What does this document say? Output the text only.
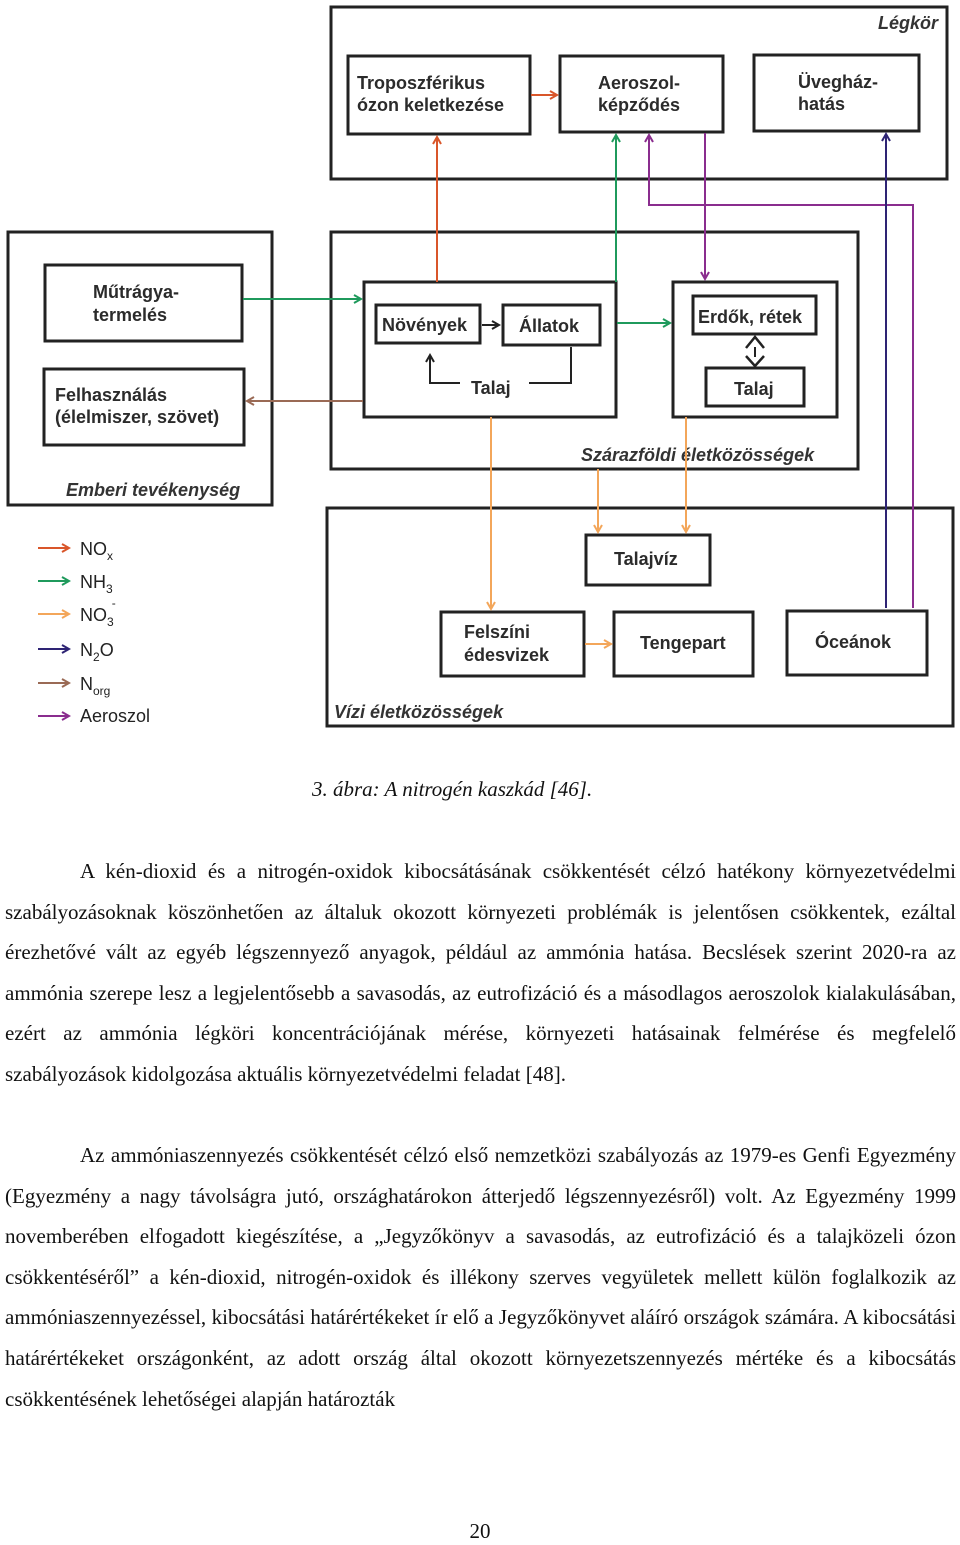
Légkör
Troposzférikus
ózon keletkezése
Aeroszol-
képződés
Üvegház-
hatás
Műtrágya-
termelés
Felhasználás
(élelmiszer, szövet)
Emberi tevékenység
Növények	Állatok
Talaj
Erdők, rétek
Talaj
Szárazföldi életközösségek
Talajvíz
Felszíni
édesvizek
Tengepart	Óceánok
Vízi életközösségek
$NO_x$
$NH_3$
$NO_3-$
$N_2O$
$N_{org}$
Aeroszol
3. ábra: A nitrogén kaszkád [46].

A kén-dioxid és a nitrogén-oxidok kibocsátásának csökkentését célzó hatékony környezetvédelmi szabályozásoknak köszönhetően az általuk okozott környezeti problémák is jelentősen csökkentek, ezáltal érezhetővé vált az egyéb légszennyező anyagok, például az ammónia hatása. Becslések szerint 2020-ra az ammónia szerepe lesz a legjelentősebb a savasodás, az eutrofizáció és a másodlagos aeroszolok kialakulásában, ezért az ammónia légköri koncentrációjának mérése, környezeti hatásainak felmérése és megfelelő szabályozások kidolgozása aktuális környezetvédelmi feladat [48].

Az ammóniaszennyezés csökkentését célzó első nemzetközi szabályozás az 1979-es Genfi Egyezmény (Egyezmény a nagy távolságra jutó, országhatárokon átterjedő légszennyezésről) volt. Az Egyezmény 1999 novemberében elfogadott kiegészítése, a „Jegyzőkönyv a savasodás, az eutrofizáció és a talajközeli ózon csökkentéséről” a kén-dioxid, nitrogén-oxidok és illékony szerves vegyületek mellett külön foglalkozik az ammóniaszennyezéssel, kibocsátási határértékeket ír elő a Jegyzőkönyvet aláíró országok számára. A kibocsátási határértékeket országonként, az adott ország által okozott környezetszennyezés mértéke és a kibocsátás csökkentésének lehetőségei alapján határozták

20
